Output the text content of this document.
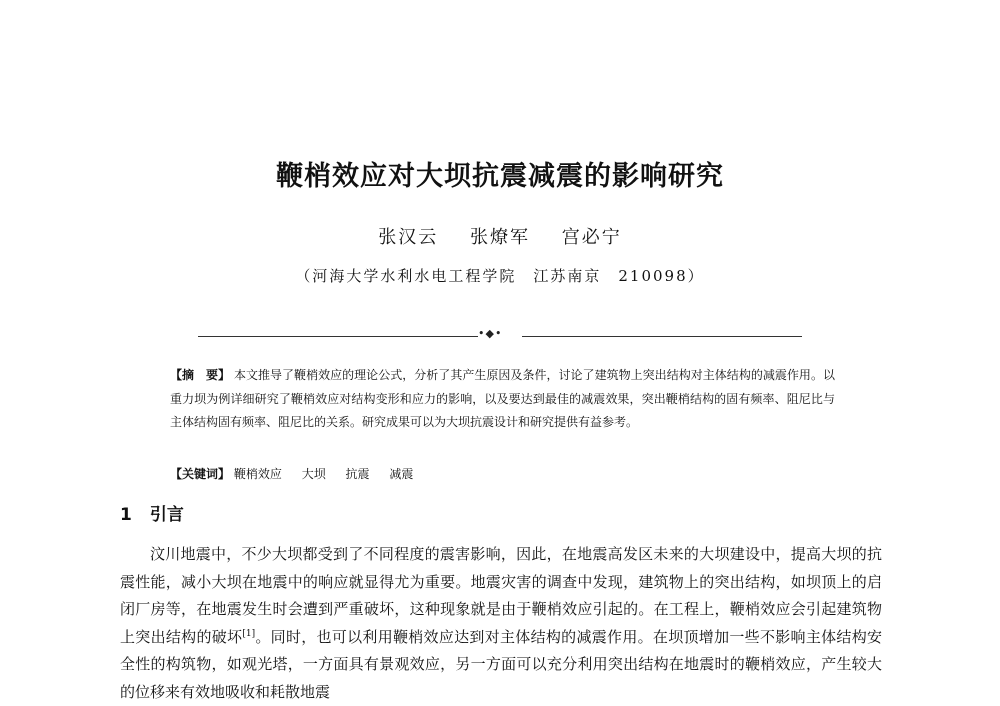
鞭梢效应对大坝抗震减震的影响研究
张汉云 张燎军 宫必宁
（河海大学水利水电工程学院　江苏南京　210098）
•◆•
【摘　要】 本文推导了鞭梢效应的理论公式，分析了其产生原因及条件，讨论了建筑物上突出结构对主体结构的减震作用。以重力坝为例详细研究了鞭梢效应对结构变形和应力的影响，以及要达到最佳的减震效果，突出鞭梢结构的固有频率、阻尼比与主体结构固有频率、阻尼比的关系。研究成果可以为大坝抗震设计和研究提供有益参考。
【关键词】 鞭梢效应 大坝 抗震 减震
1 引言
汶川地震中，不少大坝都受到了不同程度的震害影响，因此，在地震高发区未来的大坝建设中，提高大坝的抗震性能，减小大坝在地震中的响应就显得尤为重要。地震灾害的调查中发现，建筑物上的突出结构，如坝顶上的启闭厂房等，在地震发生时会遭到严重破坏，这种现象就是由于鞭梢效应引起的。在工程上，鞭梢效应会引起建筑物上突出结构的破坏[1]。同时，也可以利用鞭梢效应达到对主体结构的减震作用。在坝顶增加一些不影响主体结构安全性的构筑物，如观光塔，一方面具有景观效应，另一方面可以充分利用突出结构在地震时的鞭梢效应，产生较大的位移来有效地吸收和耗散地震
